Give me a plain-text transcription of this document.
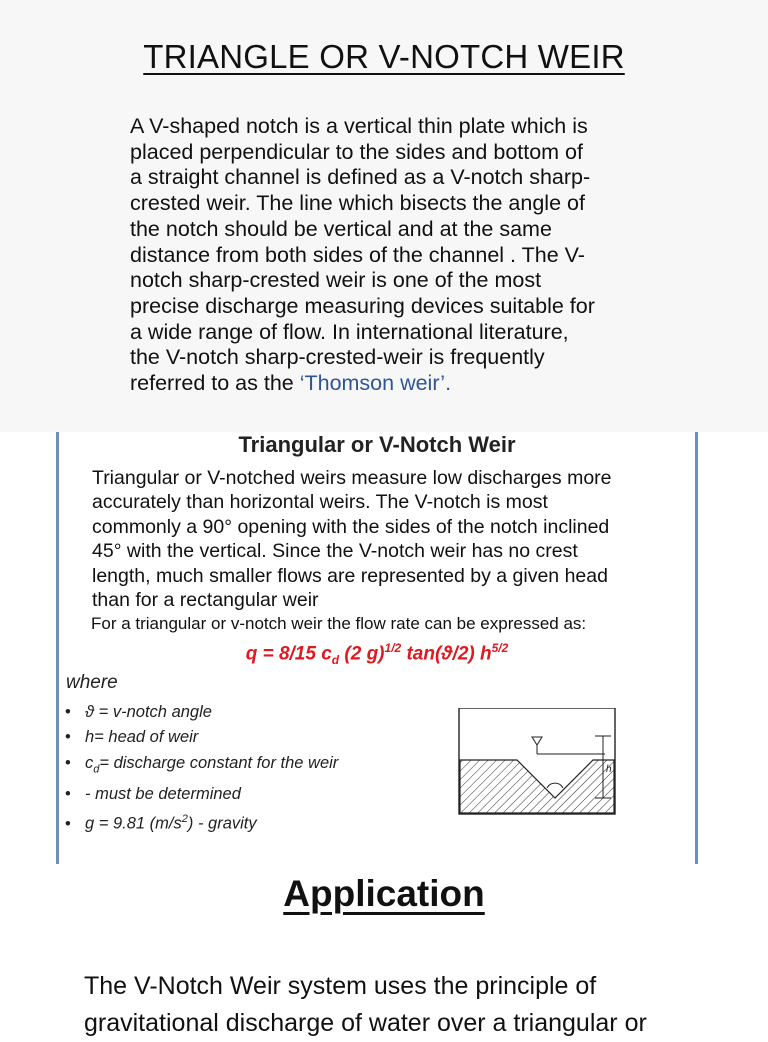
TRIANGLE OR V-NOTCH WEIR
A V-shaped notch is a vertical thin plate which is
placed perpendicular to the sides and bottom of
a straight channel is defined as a V-notch sharp-
crested weir. The line which bisects the angle of
the notch should be vertical and at the same
distance from both sides of the channel . The V-
notch sharp-crested weir is one of the most
precise discharge measuring devices suitable for
a wide range of flow. In international literature,
the V-notch sharp-crested-weir is frequently
referred to as the ‘Thomson weir’.
Triangular or V-Notch Weir
Triangular or V-notched weirs measure low discharges more
accurately than horizontal weirs. The V-notch is most
commonly a 90° opening with the sides of the notch inclined
45° with the vertical. Since the V-notch weir has no crest
length, much smaller flows are represented by a given head
than for a rectangular weir
For a triangular or v-notch weir the flow rate can be expressed as:
q = 8/15 $c_d$ (2 g)$^{1/2}$ tan(ϑ/2) $h^{5/2}$
where
• ϑ = v-notch angle
• h= head of weir
• $c_d=$ discharge constant for the weir
• - must be determined
• g = 9.81 $(m/s^2)$ - gravity
h
Application
The V-Notch Weir system uses the principle of
gravitational discharge of water over a triangular or
